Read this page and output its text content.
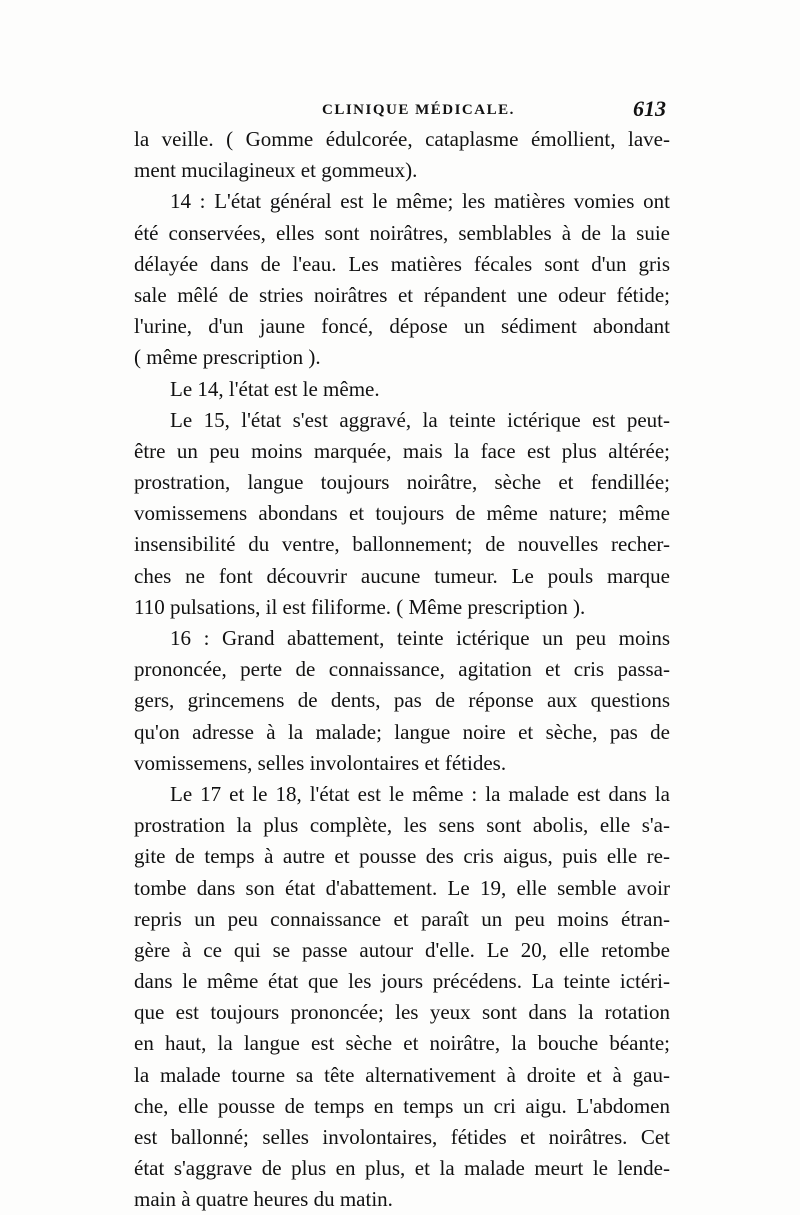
CLINIQUE MÉDICALE.	613
la veille. ( Gomme édulcorée, cataplasme émollient, lave-
ment mucilagineux et gommeux).
14 : L'état général est le même; les matières vomies ont
été conservées, elles sont noirâtres, semblables à de la suie
délayée dans de l'eau. Les matières fécales sont d'un gris
sale mêlé de stries noirâtres et répandent une odeur fétide;
l'urine, d'un jaune foncé, dépose un sédiment abondant
( même prescription ).
Le 14, l'état est le même.
Le 15, l'état s'est aggravé, la teinte ictérique est peut-
être un peu moins marquée, mais la face est plus altérée;
prostration, langue toujours noirâtre, sèche et fendillée;
vomissemens abondans et toujours de même nature; même
insensibilité du ventre, ballonnement; de nouvelles recher-
ches ne font découvrir aucune tumeur. Le pouls marque
110 pulsations, il est filiforme. ( Même prescription ).
16 : Grand abattement, teinte ictérique un peu moins
prononcée, perte de connaissance, agitation et cris passa-
gers, grincemens de dents, pas de réponse aux questions
qu'on adresse à la malade; langue noire et sèche, pas de
vomissemens, selles involontaires et fétides.
Le 17 et le 18, l'état est le même : la malade est dans la
prostration la plus complète, les sens sont abolis, elle s'a-
gite de temps à autre et pousse des cris aigus, puis elle re-
tombe dans son état d'abattement. Le 19, elle semble avoir
repris un peu connaissance et paraît un peu moins étran-
gère à ce qui se passe autour d'elle. Le 20, elle retombe
dans le même état que les jours précédens. La teinte ictéri-
que est toujours prononcée; les yeux sont dans la rotation
en haut, la langue est sèche et noirâtre, la bouche béante;
la malade tourne sa tête alternativement à droite et à gau-
che, elle pousse de temps en temps un cri aigu. L'abdomen
est ballonné; selles involontaires, fétides et noirâtres. Cet
état s'aggrave de plus en plus, et la malade meurt le lende-
main à quatre heures du matin.
